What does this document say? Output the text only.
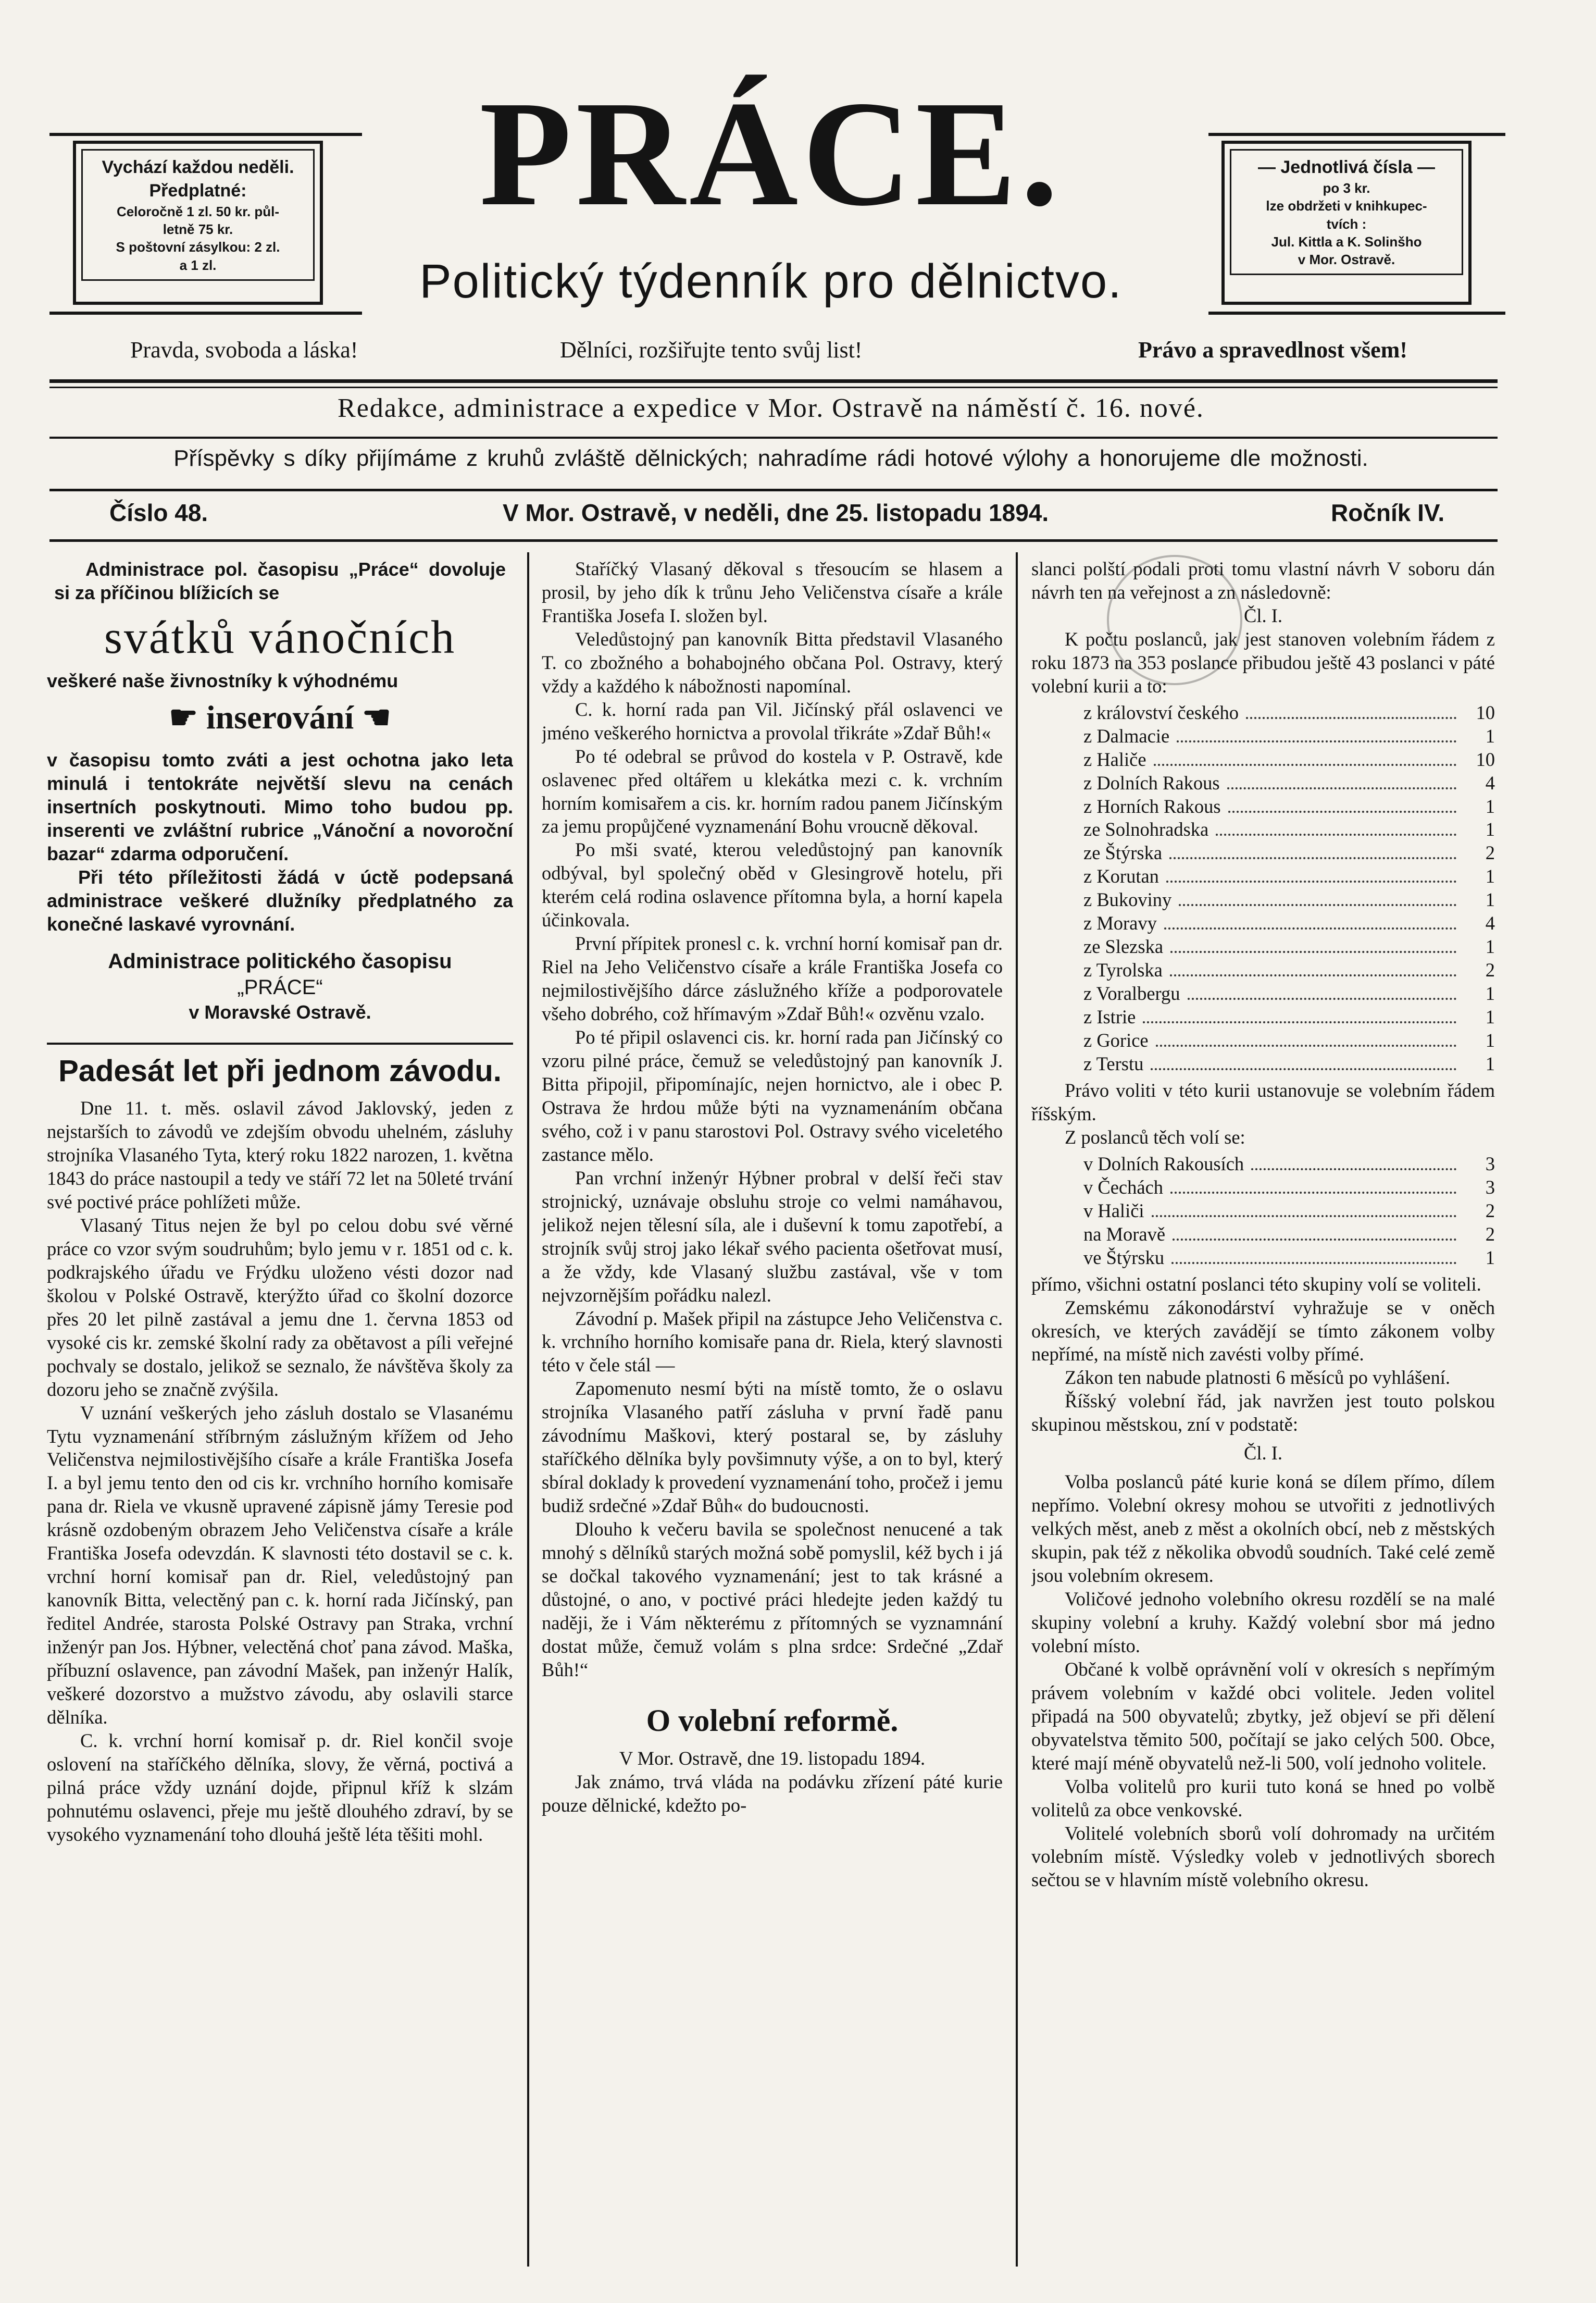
Vychází každou neděli.
Předplatné:
Celoročně 1 zl. 50 kr. půl-
letně 75 kr.
S poštovní zásylkou: 2 zl.
a 1 zl.
— Jednotlivá čísla —
po 3 kr.
lze obdržeti v knihkupec-
tvích :
Jul. Kittla a K. Solinšho
v Mor. Ostravě.
PRÁCE.
Politický týdenník pro dělnictvo.
Pravda, svoboda a láska!	Dělníci, rozšiřujte tento svůj list!	Právo a spravedlnost všem!
Redakce, administrace a expedice v Mor. Ostravě na náměstí č. 16. nové.
Příspěvky s díky přijímáme z kruhů zvláště dělnických; nahradíme rádi hotové výlohy a honorujeme dle možnosti.
Číslo 48.	V Mor. Ostravě, v neděli, dne 25. listopadu 1894.	Ročník IV.

Administrace pol. časopisu „Práce“ dovoluje si za příčinou blížicích se

svátků vánočních

veškeré naše živnostníky k výhodnému

☛ inserování ☚

v časopisu tomto zváti a jest ochotna jako leta minulá i tentokráte největší slevu na cenách insertních poskytnouti. Mimo toho budou pp. inserenti ve zvláštní rubrice „Vánoční a novoroční bazar“ zdarma odporučení.

Při této příležitosti žádá v úctě podepsaná administrace veškeré dlužníky předplatného za konečné laskavé vyrovnání.

Administrace politického časopisu

„PRÁCE“

v Moravské Ostravě.

Padesát let při jednom závodu.

Dne 11. t. měs. oslavil závod Jaklovský, jeden z nejstarších to závodů ve zdejším obvodu uhelném, zásluhy strojníka Vlasaného Tyta, který roku 1822 narozen, 1. května 1843 do práce nastoupil a tedy ve stáří 72 let na 50leté trvání své poctivé práce pohlížeti může.

Vlasaný Titus nejen že byl po celou dobu své věrné práce co vzor svým soudruhům; bylo jemu v r. 1851 od c. k. podkrajského úřadu ve Frýdku uloženo vésti dozor nad školou v Polské Ostravě, kterýžto úřad co školní dozorce přes 20 let pilně zastával a jemu dne 1. června 1853 od vysoké cis kr. zemské školní rady za obětavost a píli veřejné pochvaly se dostalo, jelikož se seznalo, že návštěva školy za dozoru jeho se značně zvýšila.

V uznání veškerých jeho zásluh dostalo se Vlasanému Tytu vyznamenání stříbrným záslužným křížem od Jeho Veličenstva nejmilostivějšího císaře a krále Františka Josefa I. a byl jemu tento den od cis kr. vrchního horního komisaře pana dr. Riela ve vkusně upravené zápisně jámy Teresie pod krásně ozdobeným obrazem Jeho Veličenstva císaře a krále Františka Josefa odevzdán. K slavnosti této dostavil se c. k. vrchní horní komisař pan dr. Riel, veledůstojný pan kanovník Bitta, velectěný pan c. k. horní rada Jičínský, pan ředitel Andrée, starosta Polské Ostravy pan Straka, vrchní inženýr pan Jos. Hýbner, velectěná choť pana závod. Maška, příbuzní oslavence, pan závodní Mašek, pan inženýr Halík, veškeré dozorstvo a mužstvo závodu, aby oslavili starce dělníka.

C. k. vrchní horní komisař p. dr. Riel končil svoje oslovení na staříčkého dělníka, slovy, že věrná, poctivá a pilná práce vždy uznání dojde, připnul kříž k slzám pohnutému oslavenci, přeje mu ještě dlouhého zdraví, by se vysokého vyznamenání toho dlouhá ještě léta těšiti mohl.

Staříčký Vlasaný děkoval s třesoucím se hlasem a prosil, by jeho dík k trůnu Jeho Veličenstva císaře a krále Františka Josefa I. složen byl.

Veledůstojný pan kanovník Bitta představil Vlasaného T. co zbožného a bohabojného občana Pol. Ostravy, který vždy a každého k nábožnosti napomínal.

C. k. horní rada pan Vil. Jičínský přál oslavenci ve jméno veškerého hornictva a provolal třikráte »Zdař Bůh!«

Po té odebral se průvod do kostela v P. Ostravě, kde oslavenec před oltářem u klekátka mezi c. k. vrchním horním komisařem a cis. kr. horním radou panem Jičínským za jemu propůjčené vyznamenání Bohu vroucně děkoval.

Po mši svaté, kterou veledůstojný pan kanovník odbýval, byl společný oběd v Glesingrově hotelu, při kterém celá rodina oslavence přítomna byla, a horní kapela účinkovala.

První přípitek pronesl c. k. vrchní horní komisař pan dr. Riel na Jeho Veličenstvo císaře a krále Františka Josefa co nejmilostivějšího dárce záslužného kříže a podporovatele všeho dobrého, což hřímavým »Zdař Bůh!« ozvěnu vzalo.

Po té připil oslavenci cis. kr. horní rada pan Jičínský co vzoru pilné práce, čemuž se veledůstojný pan kanovník J. Bitta připojil, připomínajíc, nejen hornictvo, ale i obec P. Ostrava že hrdou může býti na vyznamenáním občana svého, což i v panu starostovi Pol. Ostravy svého viceletého zastance mělo.

Pan vrchní inženýr Hýbner probral v delší řeči stav strojnický, uznávaje obsluhu stroje co velmi namáhavou, jelikož nejen tělesní síla, ale i duševní k tomu zapotřebí, a strojník svůj stroj jako lékař svého pacienta ošetřovat musí, a že vždy, kde Vlasaný službu zastával, vše v tom nejvzornějším pořádku nalezl.

Závodní p. Mašek připil na zástupce Jeho Veličenstva c. k. vrchního horního komisaře pana dr. Riela, který slavnosti této v čele stál —

Zapomenuto nesmí býti na místě tomto, že o oslavu strojníka Vlasaného patří zásluha v první řadě panu závodnímu Maškovi, který postaral se, by zásluhy staříčkého dělníka byly povšimnuty výše, a on to byl, který sbíral doklady k provedení vyznamenání toho, pročež i jemu budiž srdečné »Zdař Bůh« do budoucnosti.

Dlouho k večeru bavila se společnost nenucené a tak mnohý s dělníků starých možná sobě pomyslil, kéž bych i já se dočkal takového vyznamenání; jest to tak krásné a důstojné, o ano, v poctivé práci hledejte jeden každý tu naději, že i Vám některému z přítomných se vyznamnání dostat může, čemuž volám s plna srdce: Srdečné „Zdař Bůh!“

O volební reformě.

V Mor. Ostravě, dne 19. listopadu 1894.

Jak známo, trvá vláda na podávku zřízení páté kurie pouze dělnické, kdežto po-

slanci polští podali proti tomu vlastní návrh V soboru dán návrh ten na veřejnost a zn následovně:

Čl. I.

K počtu poslanců, jak jest stanoven volebním řádem z roku 1873 na 353 poslance přibudou ještě 43 poslanci v páté volební kurii a to:

z království českého	10
z Dalmacie	1
z Haliče	10
z Dolních Rakous	4
z Horních Rakous	1
ze Solnohradska	1
ze Štýrska	2
z Korutan	1
z Bukoviny	1
z Moravy	4
ze Slezska	1
z Tyrolska	2
z Voralbergu	1
z Istrie	1
z Gorice	1
z Terstu	1

Právo voliti v této kurii ustanovuje se volebním řádem říšským.

Z poslanců těch volí se:

v Dolních Rakousích	3
v Čechách	3
v Haliči	2
na Moravě	2
ve Štýrsku	1

přímo, všichni ostatní poslanci této skupiny volí se voliteli.

Zemskému zákonodárství vyhražuje se v oněch okresích, ve kterých zavádějí se tímto zákonem volby nepřímé, na místě nich zavésti volby přímé.

Zákon ten nabude platnosti 6 měsíců po vyhlášení.

Říšský volební řád, jak navržen jest touto polskou skupinou městskou, zní v podstatě:

Čl. I.

Volba poslanců páté kurie koná se dílem přímo, dílem nepřímo. Volební okresy mohou se utvořiti z jednotlivých velkých měst, aneb z měst a okolních obcí, neb z městských skupin, pak též z několika obvodů soudních. Také celé země jsou volebním okresem.

Voličové jednoho volebního okresu rozdělí se na malé skupiny volební a kruhy. Každý volební sbor má jedno volební místo.

Občané k volbě oprávnění volí v okresích s nepřímým právem volebním v každé obci volitele. Jeden volitel připadá na 500 obyvatelů; zbytky, jež objeví se při dělení obyvatelstva těmito 500, počítají se jako celých 500. Obce, které mají méně obyvatelů než-li 500, volí jednoho volitele.

Volba volitelů pro kurii tuto koná se hned po volbě volitelů za obce venkovské.

Volitelé volebních sborů volí dohromady na určitém volebním místě. Výsledky voleb v jednotlivých sborech sečtou se v hlavním místě volebního okresu.
